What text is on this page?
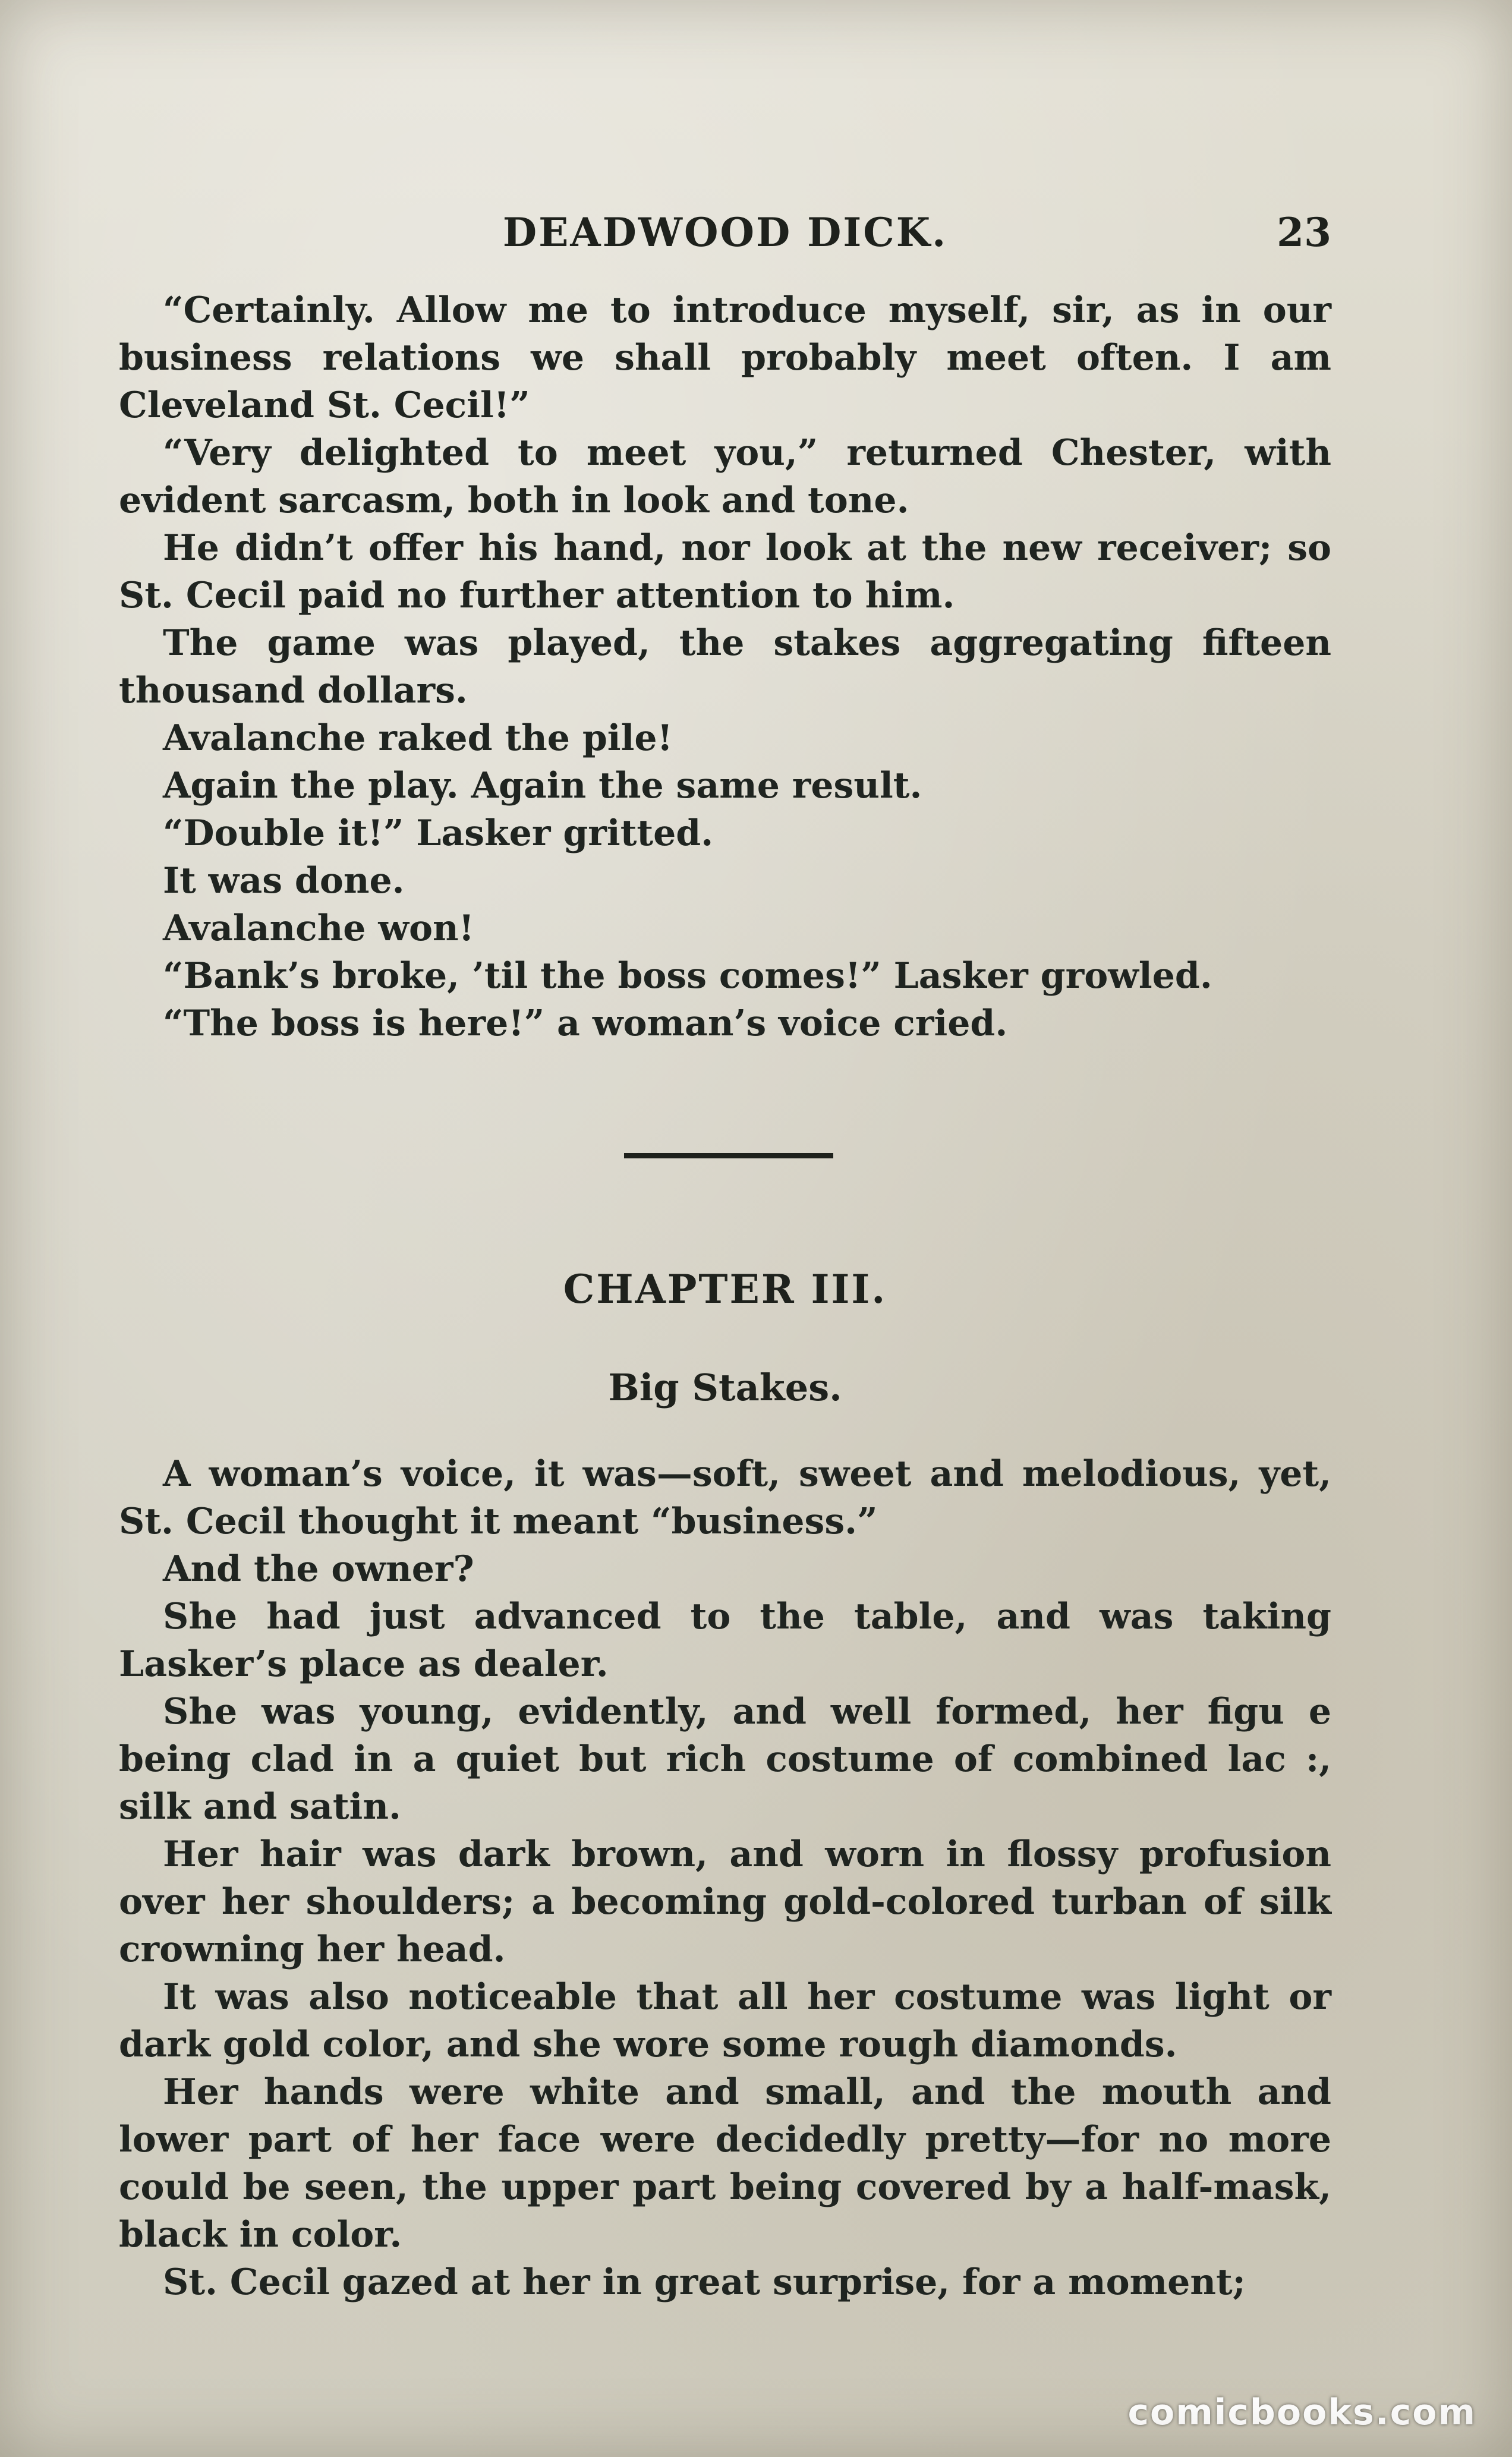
DEADWOOD DICK.	23

“Certainly. Allow me to introduce myself, sir, as in our business relations we shall probably meet often. I am Cleveland St. Cecil!”

“Very delighted to meet you,” returned Chester, with evident sarcasm, both in look and tone.

He didn’t offer his hand, nor look at the new receiver; so St. Cecil paid no further attention to him.

The game was played, the stakes aggregating fifteen thousand dollars.

Avalanche raked the pile!

Again the play. Again the same result.

“Double it!” Lasker gritted.

It was done.

Avalanche won!

“Bank’s broke, ’til the boss comes!” Lasker growled.

“The boss is here!” a woman’s voice cried.

CHAPTER III.
Big Stakes.

A woman’s voice, it was—soft, sweet and melodious, yet, St. Cecil thought it meant “business.”

And the owner?

She had just advanced to the table, and was taking Lasker’s place as dealer.

She was young, evidently, and well formed, her figu e being clad in a quiet but rich costume of combined lac :, silk and satin.

Her hair was dark brown, and worn in flossy profusion over her shoulders; a becoming gold-colored turban of silk crowning her head.

It was also noticeable that all her costume was light or dark gold color, and she wore some rough diamonds.

Her hands were white and small, and the mouth and lower part of her face were decidedly pretty—for no more could be seen, the upper part being covered by a half-mask, black in color.

St. Cecil gazed at her in great surprise, for a moment;

comicbooks.com
